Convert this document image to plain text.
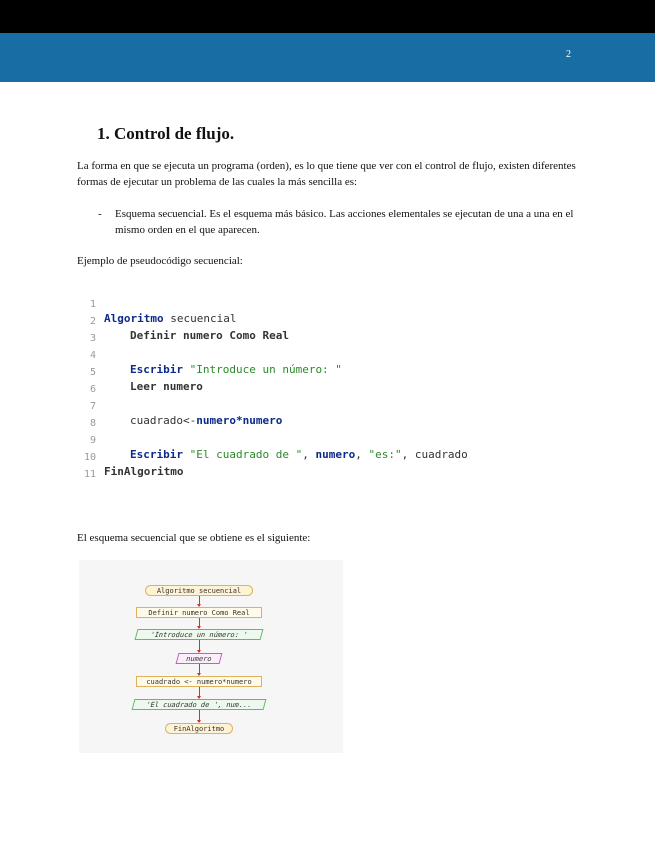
2
1. Control de flujo.

La forma en que se ejecuta un programa (orden), es lo que tiene que ver con el control de flujo, existen diferentes formas de ejecutar un problema de las cuales la más sencilla es:

- Esquema secuencial. Es el esquema más básico. Las acciones elementales se ejecutan de una a una en el mismo orden en el que aparecen.

Ejemplo de pseudocódigo secuencial:

1

Algoritmo secuencial

2

Definir numero Como Real

3

4

Escribir "Introduce un número: "

5

Leer numero

6

7

cuadrado<-numero*numero

8

9

Escribir "El cuadrado de ", numero, "es:", cuadrado

10

FinAlgoritmo

11

El esquema secuencial que se obtiene es el siguiente:

Algoritmo secuencial
Definir numero Como Real
'Introduce un número: '
numero
cuadrado <- numero*numero
'El cuadrado de ', num...
FinAlgoritmo
